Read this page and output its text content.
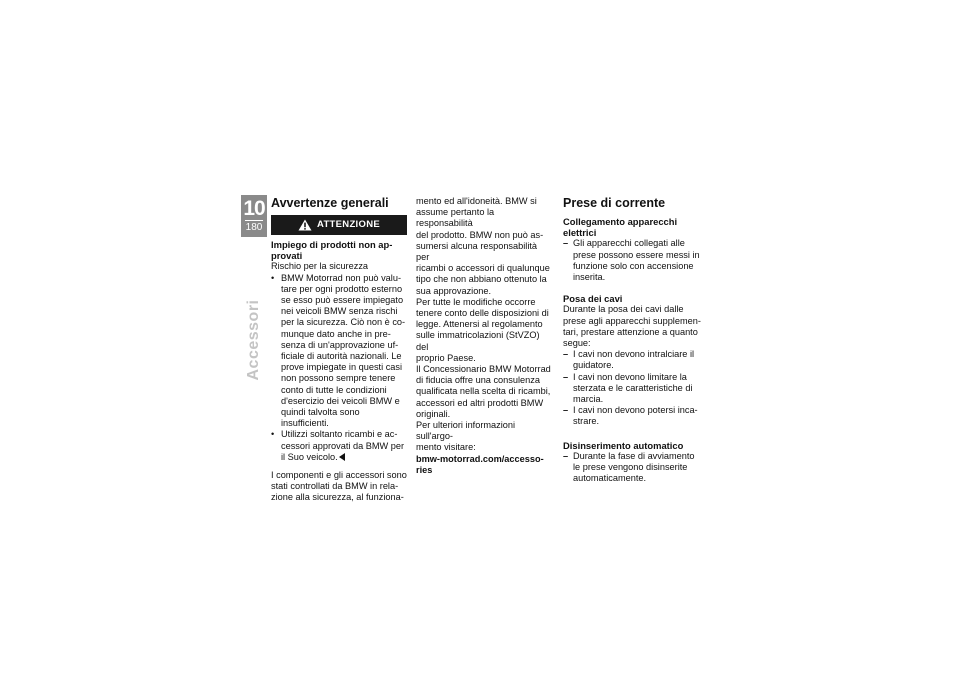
10
180
Accessori
Avvertenze generali
ATTENZIONE
Impiego di prodotti non ap-
provati

Rischio per la sicurezza

• BMW Motorrad non può valu-
tare per ogni prodotto esterno
se esso può essere impiegato
nei veicoli BMW senza rischi
per la sicurezza. Ciò non è co-
munque dato anche in pre-
senza di un'approvazione uf-
ficiale di autorità nazionali. Le
prove impiegate in questi casi
non possono sempre tenere
conto di tutte le condizioni
d'esercizio dei veicoli BMW e
quindi talvolta sono insufficienti.
• Utilizzi soltanto ricambi e ac-
cessori approvati da BMW per
il Suo veicolo.

I componenti e gli accessori sono
stati controllati da BMW in rela-
zione alla sicurezza, al funziona-

mento ed all'idoneità. BMW si
assume pertanto la responsabilità
del prodotto. BMW non può as-
sumersi alcuna responsabilità per
ricambi o accessori di qualunque
tipo che non abbiano ottenuto la
sua approvazione.
Per tutte le modifiche occorre
tenere conto delle disposizioni di
legge. Attenersi al regolamento
sulle immatricolazioni (StVZO) del
proprio Paese.
Il Concessionario BMW Motorrad
di fiducia offre una consulenza
qualificata nella scelta di ricambi,
accessori ed altri prodotti BMW
originali.
Per ulteriori informazioni sull'argo-
mento visitare:

bmw-motorrad.com/accesso-
ries

Prese di corrente
Collegamento apparecchi
elettrici
– Gli apparecchi collegati alle
prese possono essere messi in
funzione solo con accensione
inserita.
Posa dei cavi

Durante la posa dei cavi dalle
prese agli apparecchi supplemen-
tari, prestare attenzione a quanto
segue:

– I cavi non devono intralciare il
guidatore.
– I cavi non devono limitare la
sterzata e le caratteristiche di
marcia.
– I cavi non devono potersi inca-
strare.
Disinserimento automatico
– Durante la fase di avviamento
le prese vengono disinserite
automaticamente.
